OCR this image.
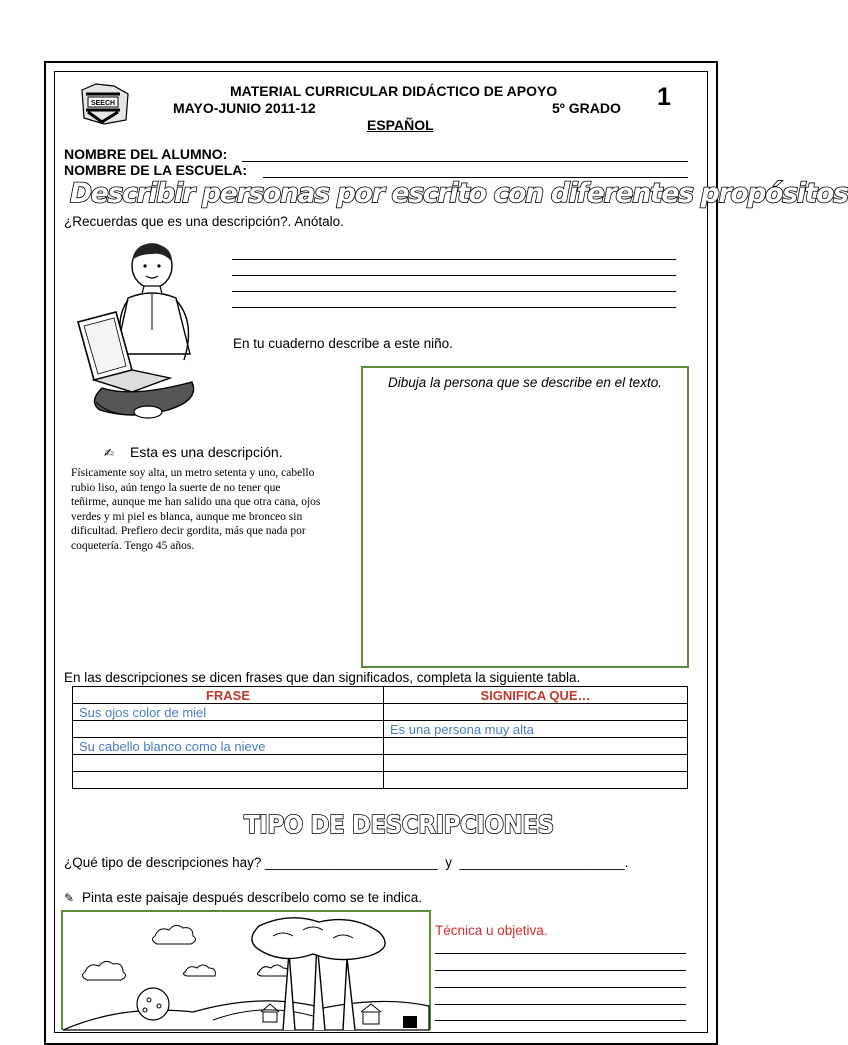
SEECH
MATERIAL CURRICULAR DIDÁCTICO DE APOYO
MAYO-JUNIO 2011-12	5º GRADO
ESPAÑOL
1
NOMBRE DEL ALUMNO:
NOMBRE DE LA ESCUELA:
Describir personas por escrito con diferentes propósitos
¿Recuerdas que es una descripción?. Anótalo.
En tu cuaderno describe a este niño.
Dibuja la persona que se describe en el texto.
✍ Esta es una descripción.
Físicamente soy alta, un metro setenta y uno, cabello rubio liso, aún tengo la suerte de no tener que teñirme, aunque me han salido una que otra cana, ojos verdes y mi piel es blanca, aunque me bronceo sin dificultad. Prefiero decir gordita, más que nada por coquetería. Tengo 45 años.
En las descripciones se dicen frases que dan significados, completa la siguiente tabla.
FRASE	SIGNIFICA QUE…
Sus ojos color de miel	
	Es una persona muy alta
Su cabello blanco como la nieve	

TIPO DE DESCRIPCIONES
¿Qué tipo de descripciones hay? _______________________  y  ______________________.
✎ Pinta este paisaje después descríbelo como se te indica.
Técnica u objetiva.
